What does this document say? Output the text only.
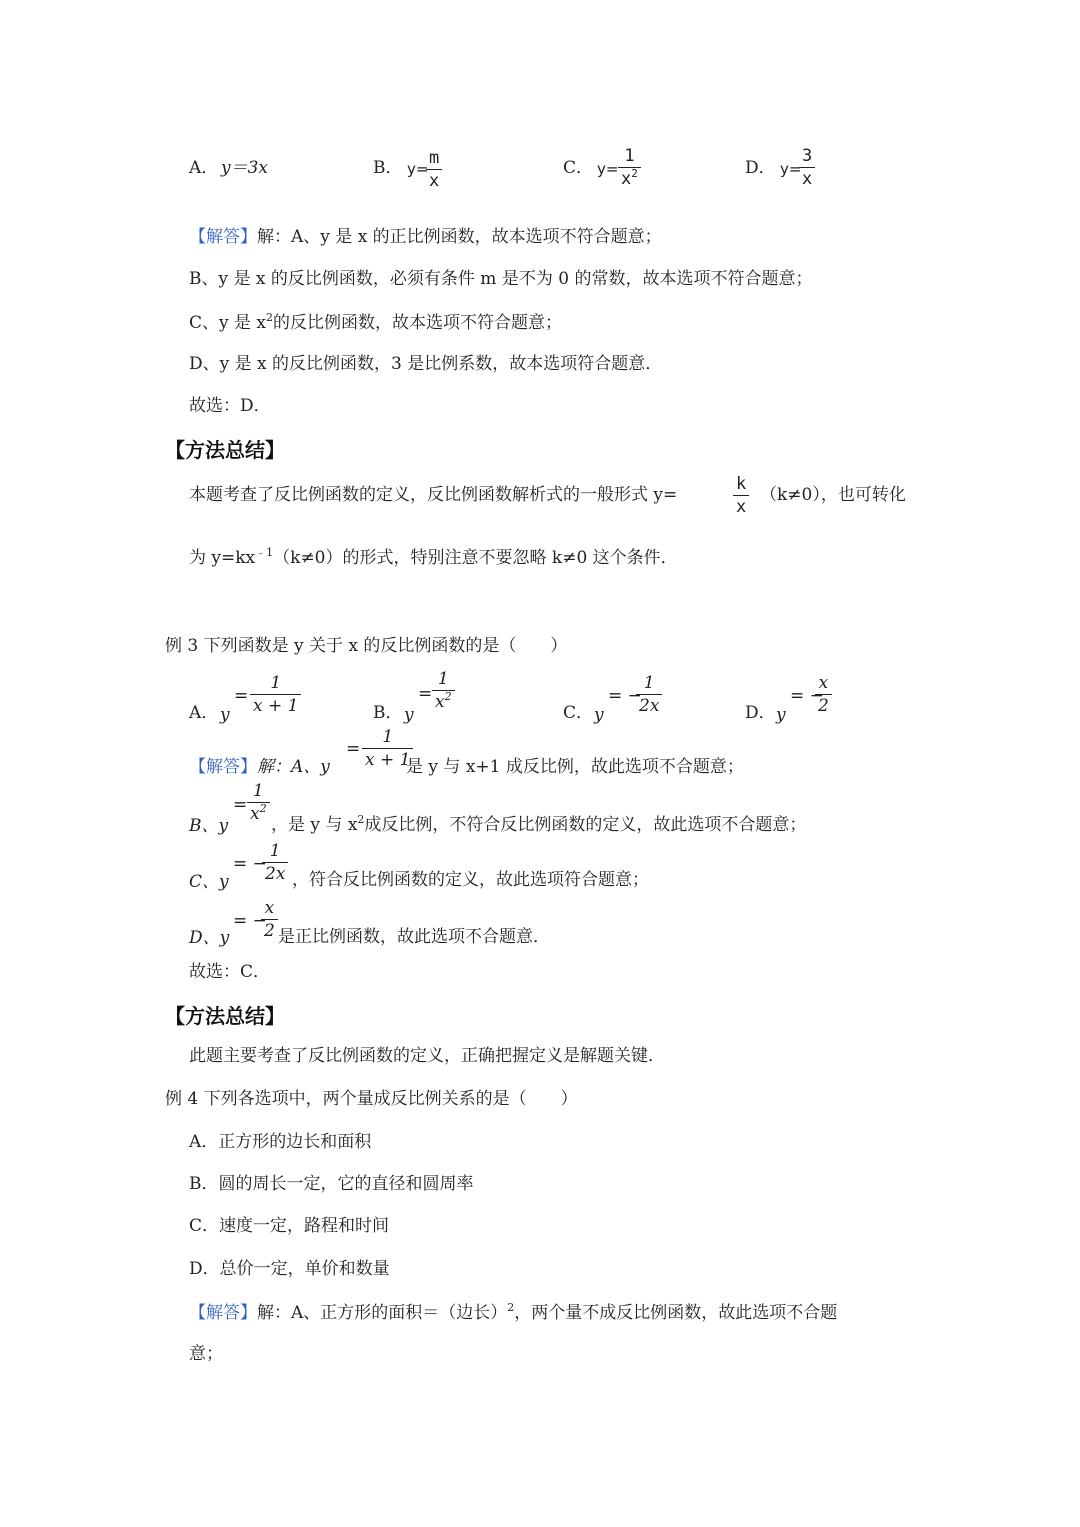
A． y＝3x	B． y=
$\frac{m}{x}$	C． $y= \frac{1}{x^2}$	D． y=
$\frac{3}{x}$
【解答】解：A、y 是 x 的正比例函数，故本选项不符合题意；
B、y 是 x 的反比例函数，必须有条件 m 是不为 0 的常数，故本选项不符合题意；
C、y 是 $x^2$的反比例函数，故本选项不符合题意；
D、y 是 x 的反比例函数，3 是比例系数，故本选项符合题意．
故选：D．
【方法总结】
本题考查了反比例函数的定义，反比例函数解析式的一般形式 y=	$\frac{k}{x} (k\ne 0)$，也可转化
为 $y=kx^{﹣1}(k\ne 0)$的形式，特别注意不要忽略 k≠0 这个条件．
例 3 下列函数是 y 关于 x 的反比例函数的是（　　）
A． y
= $\frac{1}{x + 1}$	B． y
= $\frac{1}{x^2}$
C． y
= −
$\frac{1}{2x}$	D． y
= −
$\frac{x}{2}$
【解答】解：A、y
= $\frac{1}{x + 1}$
是 y 与 x+1 成反比例，故此选项不合题意；
B、y
= $\frac{1}{x^2}$
，是 y 与 $x^2$成反比例，不符合反比例函数的定义，故此选项不合题意；
C、y
= −
$\frac{1}{2x}$ ，符合反比例函数的定义，故此选项符合题意；
D、y
= −
$\frac{x}{2}$ 是正比例函数，故此选项不合题意．
故选：C．
【方法总结】
此题主要考查了反比例函数的定义，正确把握定义是解题关键．
例 4 下列各选项中，两个量成反比例关系的是（　　）
A．正方形的边长和面积
B．圆的周长一定，它的直径和圆周率
C．速度一定，路程和时间
D．总价一定，单价和数量
【解答】解：A、正方形的面积＝（边长）$^2$，两个量不成反比例函数，故此选项不合题
意；
